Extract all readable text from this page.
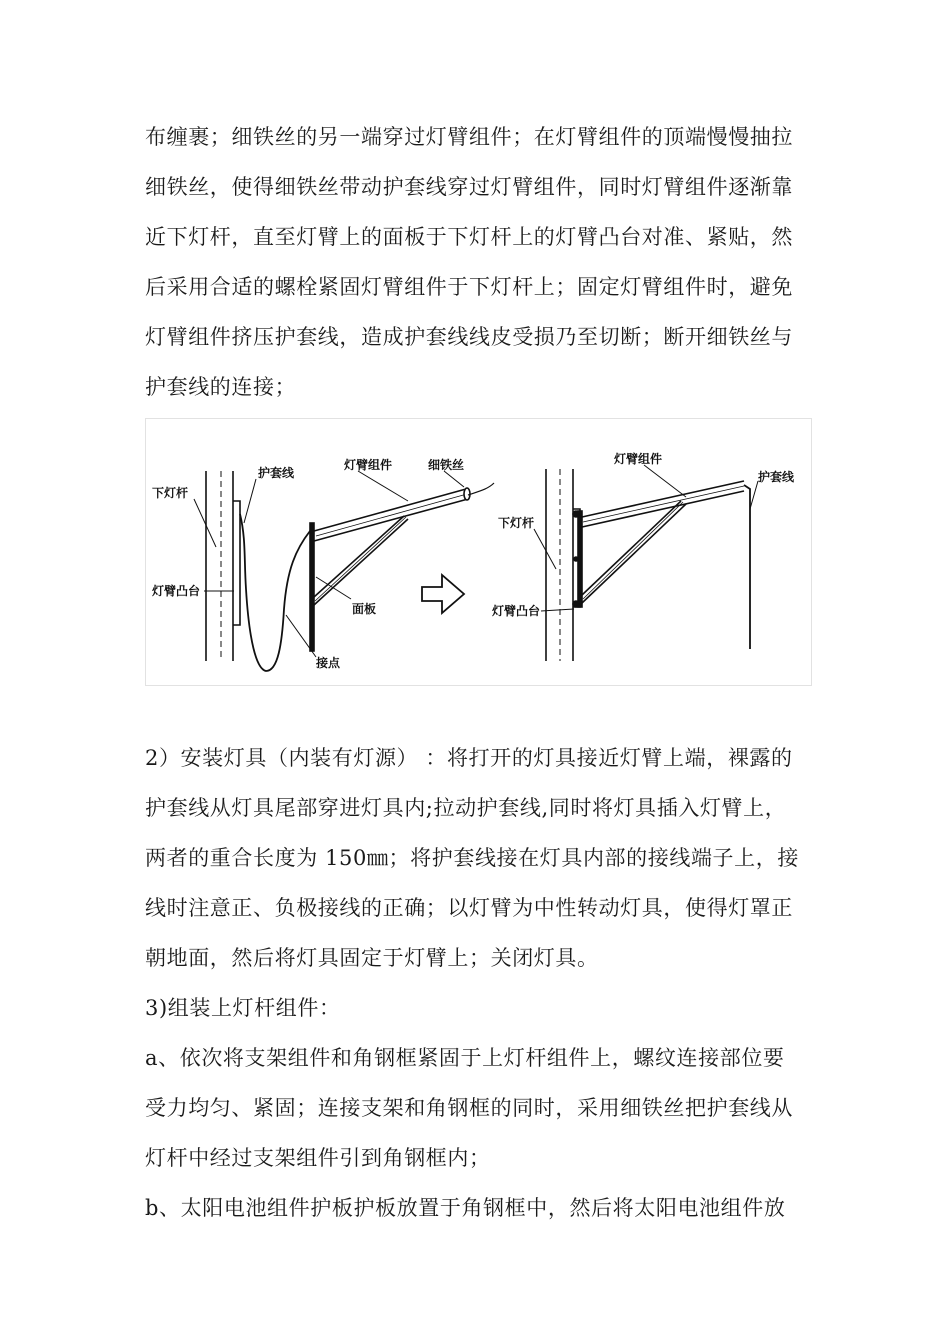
布缠裹；细铁丝的另一端穿过灯臂组件；在灯臂组件的顶端慢慢抽拉
细铁丝，使得细铁丝带动护套线穿过灯臂组件，同时灯臂组件逐渐靠
近下灯杆，直至灯臂上的面板于下灯杆上的灯臂凸台对准、紧贴，然
后采用合适的螺栓紧固灯臂组件于下灯杆上；固定灯臂组件时，避免
灯臂组件挤压护套线，造成护套线线皮受损乃至切断；断开细铁丝与
护套线的连接；
下灯杆
护套线
灯臂组件	细铁丝
灯臂凸台
面板
接点
灯臂组件
护套线
下灯杆
灯臂凸台
2）安装灯具（内装有灯源） ：将打开的灯具接近灯臂上端，裸露的
护套线从灯具尾部穿进灯具内;拉动护套线,同时将灯具插入灯臂上，
两者的重合长度为 150㎜；将护套线接在灯具内部的接线端子上，接
线时注意正、负极接线的正确；以灯臂为中性转动灯具，使得灯罩正
朝地面，然后将灯具固定于灯臂上；关闭灯具。
3)组装上灯杆组件：
a、依次将支架组件和角钢框紧固于上灯杆组件上，螺纹连接部位要
受力均匀、紧固；连接支架和角钢框的同时，采用细铁丝把护套线从
灯杆中经过支架组件引到角钢框内；
b、太阳电池组件护板护板放置于角钢框中，然后将太阳电池组件放
